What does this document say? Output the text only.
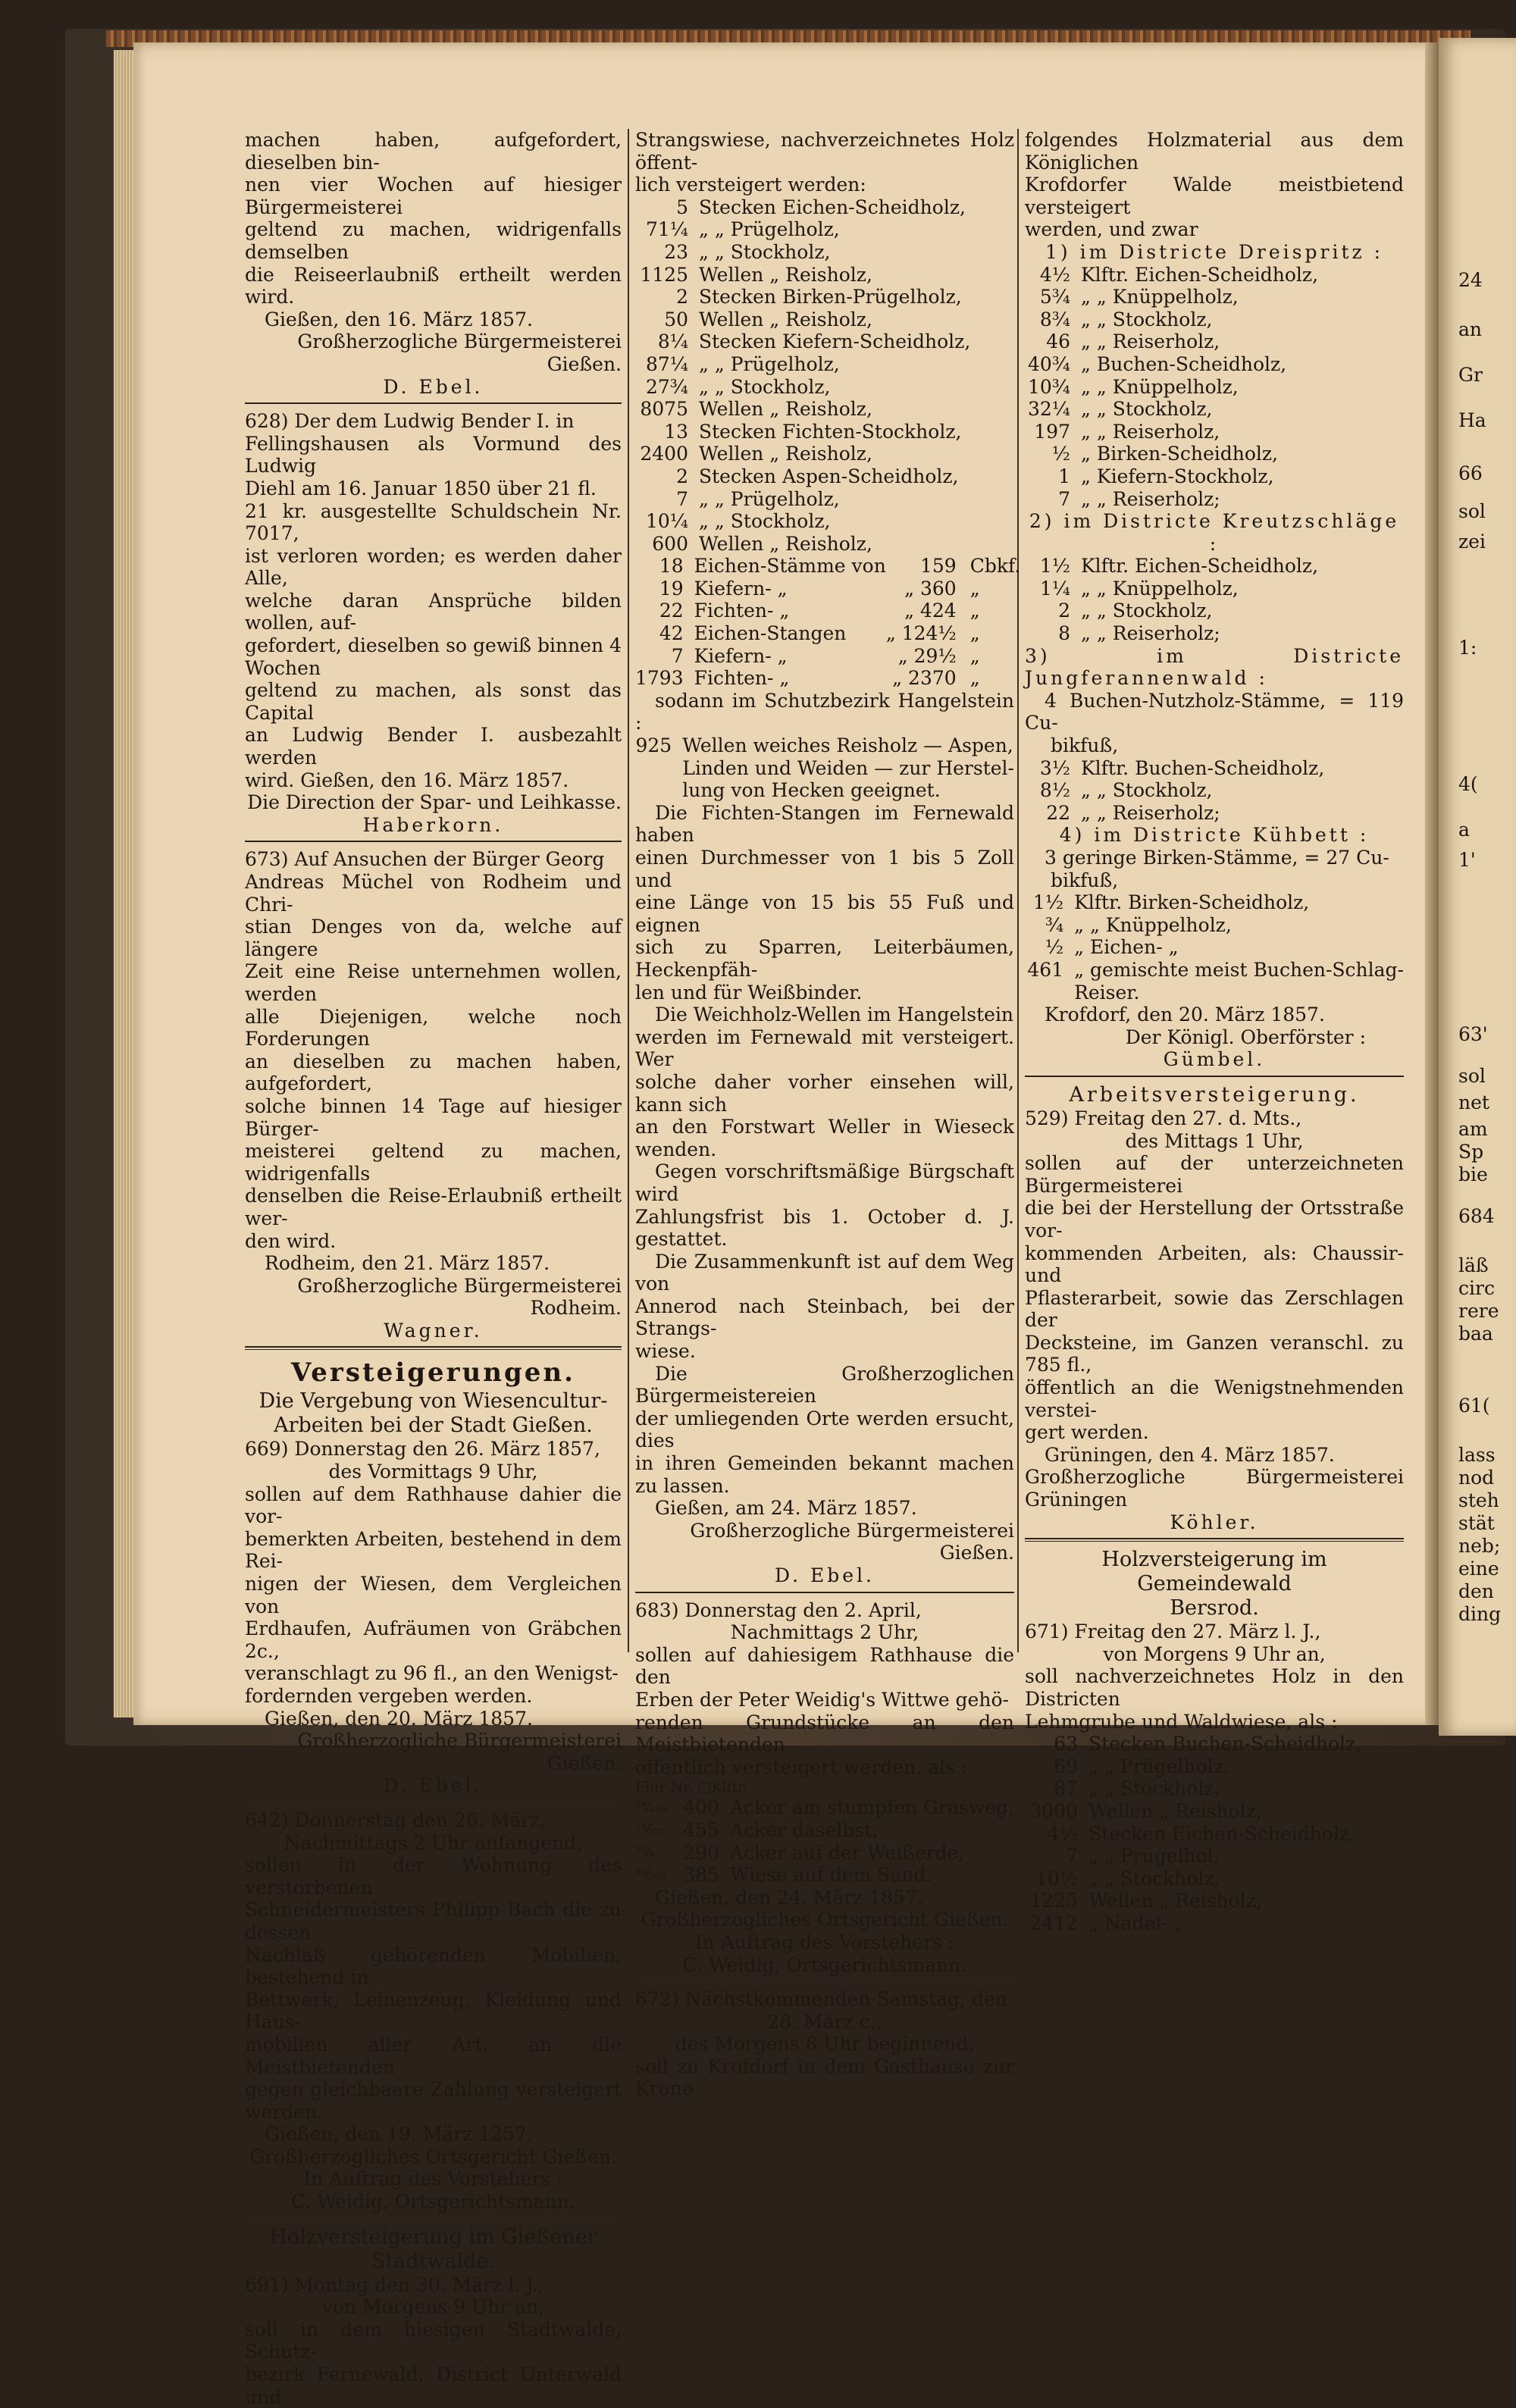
24
an
Gr
Ha
66
sol
zei
1:
4(
a
1'
63'
sol
net
am
Sp
bie
684
läß
circ
rere
baa
61(
lass
nod
steh
stät
neb;
eine
den
ding

machen haben, aufgefordert, dieselben bin-

nen vier Wochen auf hiesiger Bürgermeisterei

geltend zu machen, widrigenfalls demselben

die Reiseerlaubniß ertheilt werden wird.

Gießen, den 16. März 1857.

Großherzogliche Bürgermeisterei Gießen.

D. Ebel.

628) Der dem Ludwig Bender I. in

Fellingshausen als Vormund des Ludwig

Diehl am 16. Januar 1850 über 21 fl.

21 kr. ausgestellte Schuldschein Nr. 7017,

ist verloren worden; es werden daher Alle,

welche daran Ansprüche bilden wollen, auf-

gefordert, dieselben so gewiß binnen 4 Wochen

geltend zu machen, als sonst das Capital

an Ludwig Bender I. ausbezahlt werden

wird. Gießen, den 16. März 1857.

Die Direction der Spar- und Leihkasse.

Haberkorn.

673) Auf Ansuchen der Bürger Georg

Andreas Müchel von Rodheim und Chri-

stian Denges von da, welche auf längere

Zeit eine Reise unternehmen wollen, werden

alle Diejenigen, welche noch Forderungen

an dieselben zu machen haben, aufgefordert,

solche binnen 14 Tage auf hiesiger Bürger-

meisterei geltend zu machen, widrigenfalls

denselben die Reise-Erlaubniß ertheilt wer-

den wird.

Rodheim, den 21. März 1857.

Großherzogliche Bürgermeisterei Rodheim.

Wagner.

Versteigerungen.

Die Vergebung von Wiesencultur-

Arbeiten bei der Stadt Gießen.

669) Donnerstag den 26. März 1857,

des Vormittags 9 Uhr,

sollen auf dem Rathhause dahier die vor-

bemerkten Arbeiten, bestehend in dem Rei-

nigen der Wiesen, dem Vergleichen von

Erdhaufen, Aufräumen von Gräbchen 2c.,

veranschlagt zu 96 fl., an den Wenigst-

fordernden vergeben werden.

Gießen, den 20. März 1857.

Großherzogliche Bürgermeisterei Gießen.

D. Ebel.

642) Donnerstag den 26. März,

Nachmittags 2 Uhr anfangend,

sollen in der Wohnung des verstorbenen

Schneidermeisters Philipp Bach die zu dessen

Nachlaß gehörenden Mobilien, bestehend in

Bettwerk, Leinenzeug, Kleidung und Haus-

mobilien aller Art, an die Meistbietenden

gegen gleichbaare Zahlung versteigert werden.

Gießen, den 19. März 1257.

Großherzogliches Ortsgericht Gießen.

In Auftrag des Vorstehers :

C. Weidig, Ortsgerichtsmann.

Holzversteigerung im Gießener

Stadtwalde.

691) Montag den 30. März l. J.,

von Morgens 9 Uhr an,

soll in dem hiesigen Stadtwalde, Schutz-

bezirk Fernewald, District Unterwald und

Strangswiese, nachverzeichnetes Holz öffent-

lich versteigert werden:

5	Stecken Eichen-Scheidholz,
71¼	„ „ Prügelholz,
23	„ „ Stockholz,
1125	Wellen „ Reisholz,
2	Stecken Birken-Prügelholz,
50	Wellen „ Reisholz,
8¼	Stecken Kiefern-Scheidholz,
87¼	„ „ Prügelholz,
27¾	„ „ Stockholz,
8075	Wellen „ Reisholz,
13	Stecken Fichten-Stockholz,
2400	Wellen „ Reisholz,
2	Stecken Aspen-Scheidholz,
7	„ „ Prügelholz,
10¼	„ „ Stockholz,
600	Wellen „ Reisholz,
18	Eichen-Stämme von	159	Cbkf.
19	Kiefern- „	„ 360	„
22	Fichten- „	„ 424	„
42	Eichen-Stangen	„ 124½	„
7	Kiefern- „	„ 29½	„
1793	Fichten- „	„ 2370	„

sodann im Schutzbezirk Hangelstein :

925	Wellen weiches Reisholz — Aspen,
	Linden und Weiden — zur Herstel-
	lung von Hecken geeignet.

Die Fichten-Stangen im Fernewald haben

einen Durchmesser von 1 bis 5 Zoll und

eine Länge von 15 bis 55 Fuß und eignen

sich zu Sparren, Leiterbäumen, Heckenpfäh-

len und für Weißbinder.

Die Weichholz-Wellen im Hangelstein

werden im Fernewald mit versteigert. Wer

solche daher vorher einsehen will, kann sich

an den Forstwart Weller in Wieseck wenden.

Gegen vorschriftsmäßige Bürgschaft wird

Zahlungsfrist bis 1. October d. J. gestattet.

Die Zusammenkunft ist auf dem Weg von

Annerod nach Steinbach, bei der Strangs-

wiese.

Die Großherzoglichen Bürgermeistereien

der umliegenden Orte werden ersucht, dies

in ihren Gemeinden bekannt machen zu lassen.

Gießen, am 24. März 1857.

Großherzogliche Bürgermeisterei Gießen.

D. Ebel.

683) Donnerstag den 2. April,

Nachmittags 2 Uhr,

sollen auf dahiesigem Rathhause die den

Erben der Peter Weidig's Wittwe gehö-

renden Grundstücke an den Meistbietenden

öffentlich versteigert werden, als :

Flur Nr. □Klftr.

²⁴⁄₂₁₆	400	Acker am stumpfen Grasweg,
²⁴⁄₂₂₇	455	Acker daselbst,
²⁹⁄₄	290	Acker auf der Weißerde,
⁴⁰⁄₂₆₂	385	Wiese auf dem Sand.

Gießen, den 24. März 1857.

Großherzogliches Ortsgericht Gießen.

In Auftrag des Vorstehers :

C. Weidig, Ortsgerichtsmann.

672) Nächstkommenden Samstag, den

28. März c.,

des Morgens 8 Uhr beginnend,

soll zu Krofdorf in dem Gasthause zur Krone

folgendes Holzmaterial aus dem Königlichen

Krofdorfer Walde meistbietend versteigert

werden, und zwar

1) im Districte Dreispritz :

4½	Klftr. Eichen-Scheidholz,
5¾	„ „ Knüppelholz,
8¾	„ „ Stockholz,
46	„ „ Reiserholz,
40¾	„ Buchen-Scheidholz,
10¾	„ „ Knüppelholz,
32¼	„ „ Stockholz,
197	„ „ Reiserholz,
½	„ Birken-Scheidholz,
1	„ Kiefern-Stockholz,
7	„ „ Reiserholz;

2) im Districte Kreutzschläge :

1½	Klftr. Eichen-Scheidholz,
1¼	„ „ Knüppelholz,
2	„ „ Stockholz,
8	„ „ Reiserholz;

3) im Districte Jungferannenwald :

4 Buchen-Nutzholz-Stämme, = 119 Cu-

bikfuß,

3½	Klftr. Buchen-Scheidholz,
8½	„ „ Stockholz,
22	„ „ Reiserholz;

4) im Districte Kühbett :

3 geringe Birken-Stämme, = 27 Cu-

bikfuß,

1½	Klftr. Birken-Scheidholz,
¾	„ „ Knüppelholz,
½	„ Eichen- „
461	„ gemischte meist Buchen-Schlag-
	Reiser.

Krofdorf, den 20. März 1857.

Der Königl. Oberförster :

Gümbel.

Arbeitsversteigerung.

529) Freitag den 27. d. Mts.,

des Mittags 1 Uhr,

sollen auf der unterzeichneten Bürgermeisterei

die bei der Herstellung der Ortsstraße vor-

kommenden Arbeiten, als: Chaussir- und

Pflasterarbeit, sowie das Zerschlagen der

Decksteine, im Ganzen veranschl. zu 785 fl.,

öffentlich an die Wenigstnehmenden verstei-

gert werden.

Grüningen, den 4. März 1857.

Großherzogliche Bürgermeisterei Grüningen

Köhler.

Holzversteigerung im Gemeindewald

Bersrod.

671) Freitag den 27. März l. J.,

von Morgens 9 Uhr an,

soll nachverzeichnetes Holz in den Districten

Lehmgrube und Waldwiese, als :

63	Stecken Buchen-Scheidholz,
69	„ „ Prügelholz,
87	„ „ Stockholz,
3000	Wellen „ Reisholz,
4½	Stecken Eichen-Scheidholz,
7	„ „ Prügelhol,
10½	„ „ Stockholz,
1225	Wellen „ Reisholz,
2412	„ Nadel- „
